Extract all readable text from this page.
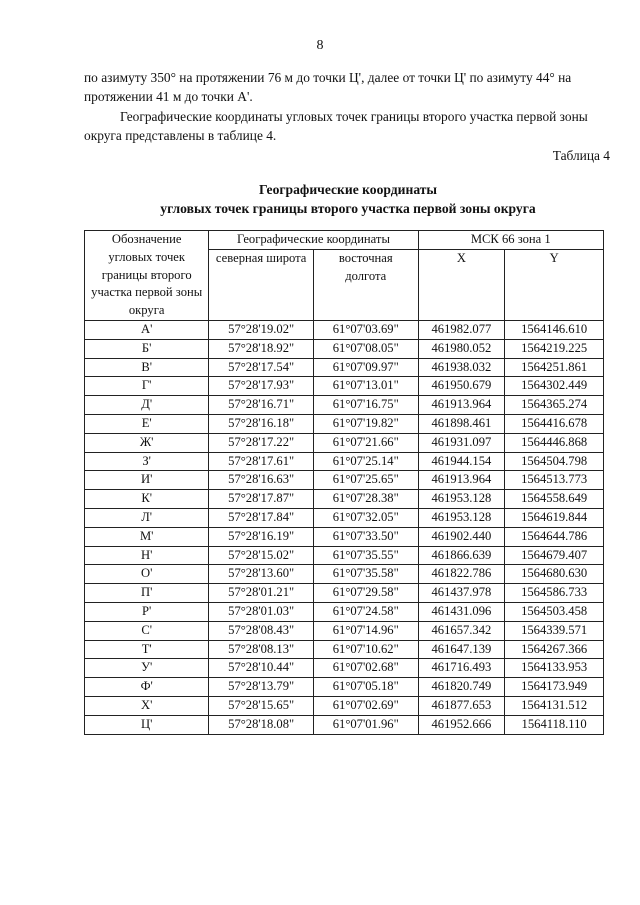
8

по азимуту 350° на протяжении 76 м до точки Ц', далее от точки Ц' по азимуту 44° на протяжении 41 м до точки А'.

Географические координаты угловых точек границы второго участка первой зоны округа представлены в таблице 4.

Таблица 4
Географические координаты
угловых точек границы второго участка первой зоны округа
Обозначение угловых точек границы второго участка первой зоны округа	Географические координаты		МСК 66 зона 1	
	северная широта	восточная долгота	X	Y
А'	57°28'19.02"	61°07'03.69"	461982.077	1564146.610
Б'	57°28'18.92"	61°07'08.05"	461980.052	1564219.225
В'	57°28'17.54"	61°07'09.97"	461938.032	1564251.861
Г'	57°28'17.93"	61°07'13.01"	461950.679	1564302.449
Д'	57°28'16.71"	61°07'16.75"	461913.964	1564365.274
Е'	57°28'16.18"	61°07'19.82"	461898.461	1564416.678
Ж'	57°28'17.22"	61°07'21.66"	461931.097	1564446.868
З'	57°28'17.61"	61°07'25.14"	461944.154	1564504.798
И'	57°28'16.63"	61°07'25.65"	461913.964	1564513.773
К'	57°28'17.87"	61°07'28.38"	461953.128	1564558.649
Л'	57°28'17.84"	61°07'32.05"	461953.128	1564619.844
М'	57°28'16.19"	61°07'33.50"	461902.440	1564644.786
Н'	57°28'15.02"	61°07'35.55"	461866.639	1564679.407
О'	57°28'13.60"	61°07'35.58"	461822.786	1564680.630
П'	57°28'01.21"	61°07'29.58"	461437.978	1564586.733
Р'	57°28'01.03"	61°07'24.58"	461431.096	1564503.458
С'	57°28'08.43"	61°07'14.96"	461657.342	1564339.571
Т'	57°28'08.13"	61°07'10.62"	461647.139	1564267.366
У'	57°28'10.44"	61°07'02.68"	461716.493	1564133.953
Ф'	57°28'13.79"	61°07'05.18"	461820.749	1564173.949
Х'	57°28'15.65"	61°07'02.69"	461877.653	1564131.512
Ц'	57°28'18.08"	61°07'01.96"	461952.666	1564118.110
